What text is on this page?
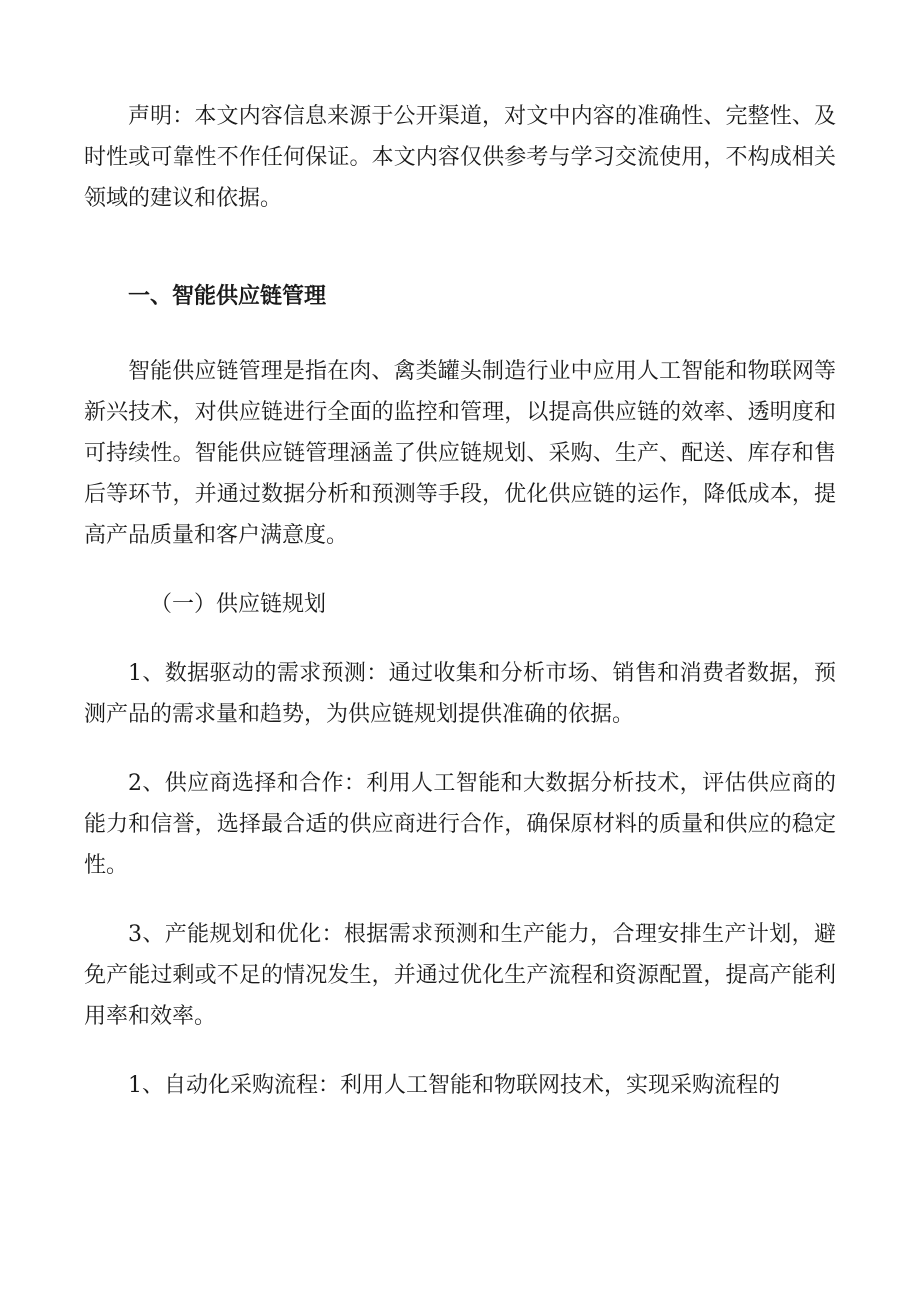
声明：本文内容信息来源于公开渠道，对文中内容的准确性、完整性、及时性或可靠性不作任何保证。本文内容仅供参考与学习交流使用，不构成相关领域的建议和依据。

一、智能供应链管理

智能供应链管理是指在肉、禽类罐头制造行业中应用人工智能和物联网等新兴技术，对供应链进行全面的监控和管理，以提高供应链的效率、透明度和可持续性。智能供应链管理涵盖了供应链规划、采购、生产、配送、库存和售后等环节，并通过数据分析和预测等手段，优化供应链的运作，降低成本，提高产品质量和客户满意度。

（一）供应链规划

1、数据驱动的需求预测：通过收集和分析市场、销售和消费者数据，预测产品的需求量和趋势，为供应链规划提供准确的依据。

2、供应商选择和合作：利用人工智能和大数据分析技术，评估供应商的能力和信誉，选择最合适的供应商进行合作，确保原材料的质量和供应的稳定性。

3、产能规划和优化：根据需求预测和生产能力，合理安排生产计划，避免产能过剩或不足的情况发生，并通过优化生产流程和资源配置，提高产能利用率和效率。

1、自动化采购流程：利用人工智能和物联网技术，实现采购流程的
